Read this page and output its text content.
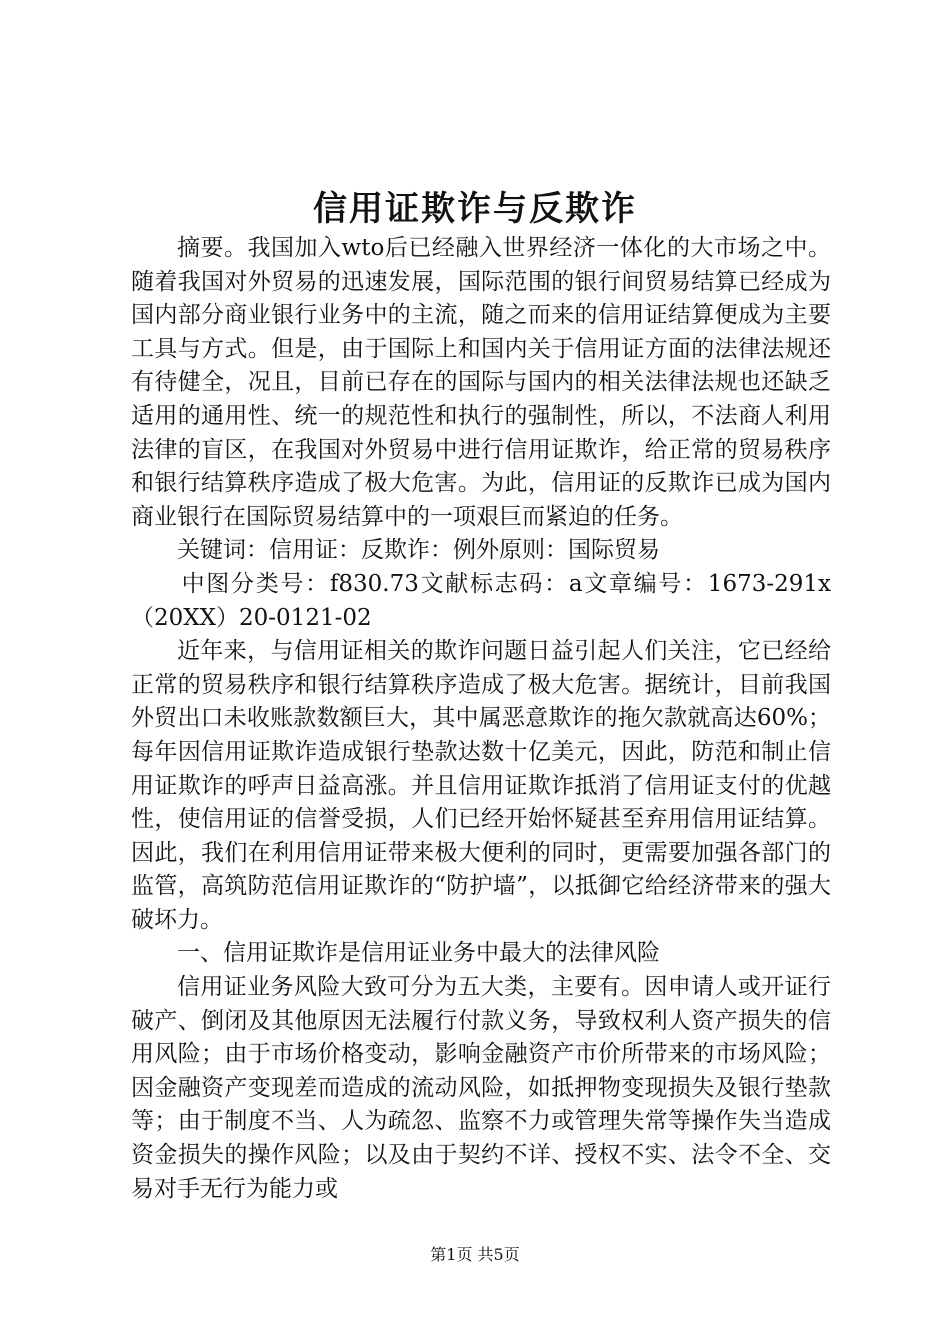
信用证欺诈与反欺诈

摘要。我国加入wto后已经融入世界经济一体化的大市场之中。随着我国对外贸易的迅速发展，国际范围的银行间贸易结算已经成为国内部分商业银行业务中的主流，随之而来的信用证结算便成为主要工具与方式。但是，由于国际上和国内关于信用证方面的法律法规还有待健全，况且，目前已存在的国际与国内的相关法律法规也还缺乏适用的通用性、统一的规范性和执行的强制性，所以，不法商人利用法律的盲区，在我国对外贸易中进行信用证欺诈，给正常的贸易秩序和银行结算秩序造成了极大危害。为此，信用证的反欺诈已成为国内商业银行在国际贸易结算中的一项艰巨而紧迫的任务。

关键词：信用证：反欺诈：例外原则：国际贸易

中图分类号：f830.73文献标志码：a文章编号：1673-291x（20XX）20-0121-02

近年来，与信用证相关的欺诈问题日益引起人们关注，它已经给正常的贸易秩序和银行结算秩序造成了极大危害。据统计，目前我国外贸出口未收账款数额巨大，其中属恶意欺诈的拖欠款就高达60%；每年因信用证欺诈造成银行垫款达数十亿美元，因此，防范和制止信用证欺诈的呼声日益高涨。并且信用证欺诈抵消了信用证支付的优越性，使信用证的信誉受损，人们已经开始怀疑甚至弃用信用证结算。因此，我们在利用信用证带来极大便利的同时，更需要加强各部门的监管，高筑防范信用证欺诈的“防护墙”，以抵御它给经济带来的强大破坏力。

一、信用证欺诈是信用证业务中最大的法律风险

信用证业务风险大致可分为五大类，主要有。因申请人或开证行破产、倒闭及其他原因无法履行付款义务，导致权利人资产损失的信用风险；由于市场价格变动，影响金融资产市价所带来的市场风险；因金融资产变现差而造成的流动风险，如抵押物变现损失及银行垫款等；由于制度不当、人为疏忽、监察不力或管理失常等操作失当造成资金损失的操作风险；以及由于契约不详、授权不实、法令不全、交易对手无行为能力或

第1页 共5页
